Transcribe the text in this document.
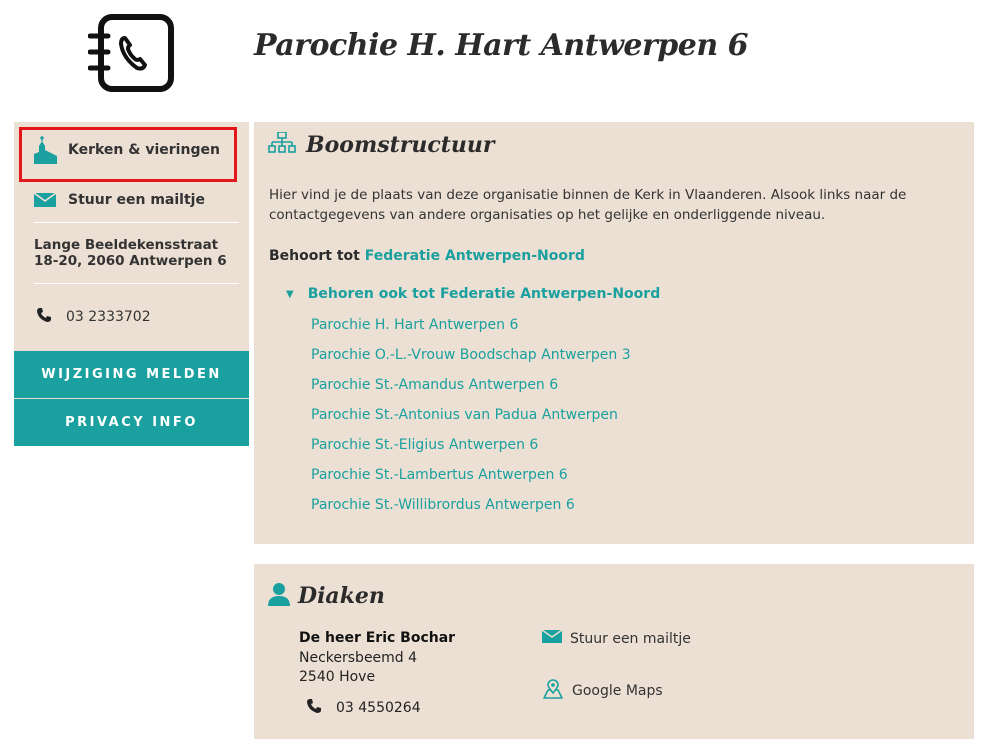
Parochie H. Hart Antwerpen 6
Kerken & vieringen
Stuur een mailtje
Lange Beeldekensstraat 18-20, 2060 Antwerpen 6
03 2333702
WIJZIGING MELDEN
PRIVACY INFO
Boomstructuur

Hier vind je de plaats van deze organisatie binnen de Kerk in Vlaanderen. Alsook links naar de contactgegevens van andere organisaties op het gelijke en onderliggende niveau.

Behoort tot Federatie Antwerpen-Noord
▼ Behoren ook tot Federatie Antwerpen-Noord
Parochie H. Hart Antwerpen 6
Parochie O.-L.-Vrouw Boodschap Antwerpen 3
Parochie St.-Amandus Antwerpen 6
Parochie St.-Antonius van Padua Antwerpen
Parochie St.-Eligius Antwerpen 6
Parochie St.-Lambertus Antwerpen 6
Parochie St.-Willibrordus Antwerpen 6
Diaken
De heer Eric Bochar
Neckersbeemd 4
2540 Hove
03 4550264
Stuur een mailtje
Google Maps
